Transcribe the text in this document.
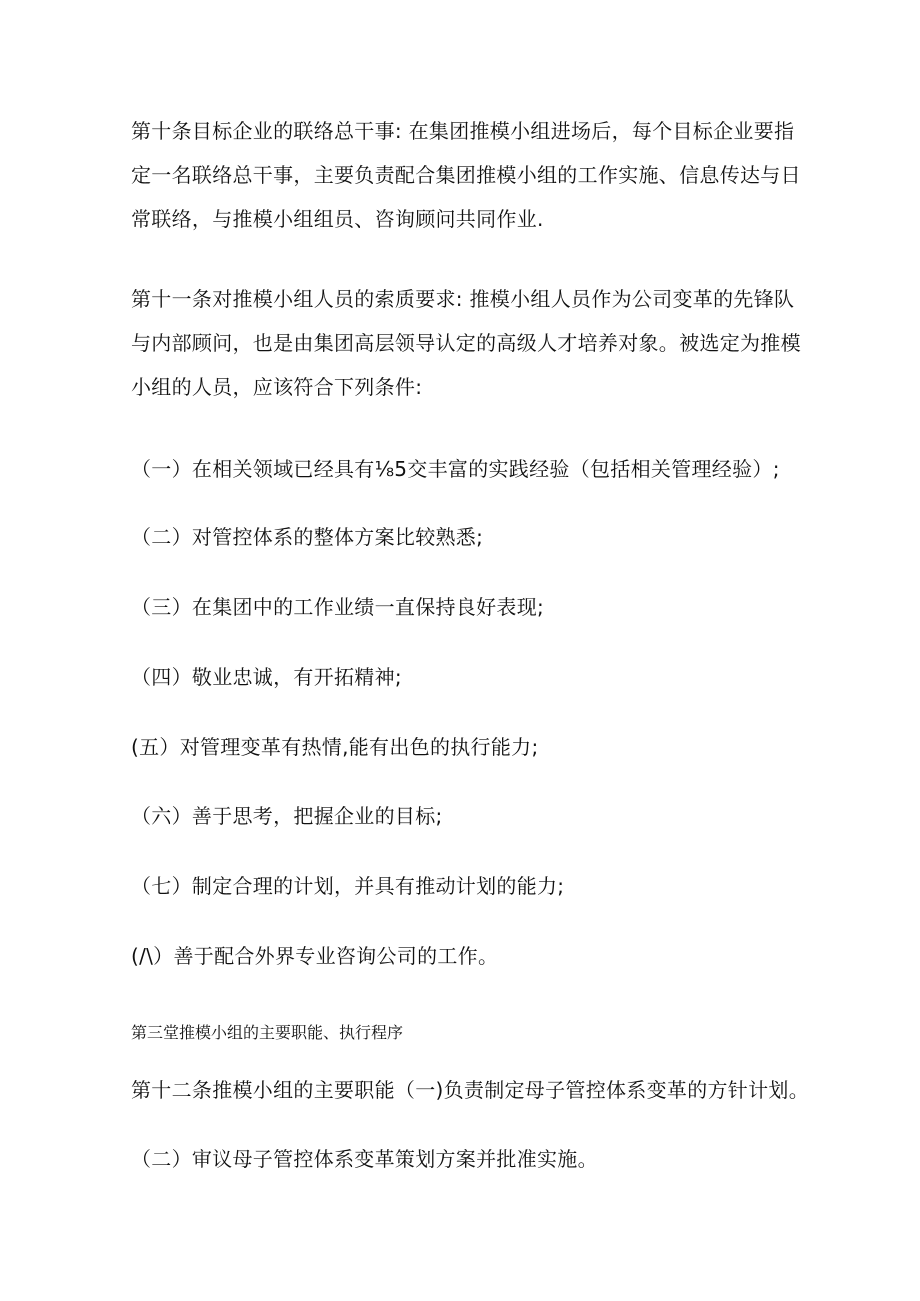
第十条目标企业的联络总干事: 在集团推模小组进场后，每个目标企业要指
定一名联络总干事，主要负责配合集团推模小组的工作实施、信息传达与日
常联络，与推模小组组员、咨询顾问共同作业.
第十一条对推模小组人员的索质要求: 推模小组人员作为公司变革的先锋队
与内部顾问，也是由集团高层领导认定的高级人才培养对象。被选定为推模
小组的人员，应该符合下列条件:
（一）在相关领域已经具有⅛5交丰富的实践经验（包括相关管理经验）;
（二）对管控体系的整体方案比较熟悉;
（三）在集团中的工作业绩一直保持良好表现;
（四）敬业忠诚，有开拓精神;
(五）对管理变革有热情,能有出色的执行能力;
（六）善于思考，把握企业的目标;
（七）制定合理的计划，并具有推动计划的能力;
(/\）善于配合外界专业咨询公司的工作。
第三堂推模小组的主要职能、执行程序
第十二条推模小组的主要职能（一)负责制定母子管控体系变革的方针计划。
（二）审议母子管控体系变革策划方案并批准实施。
